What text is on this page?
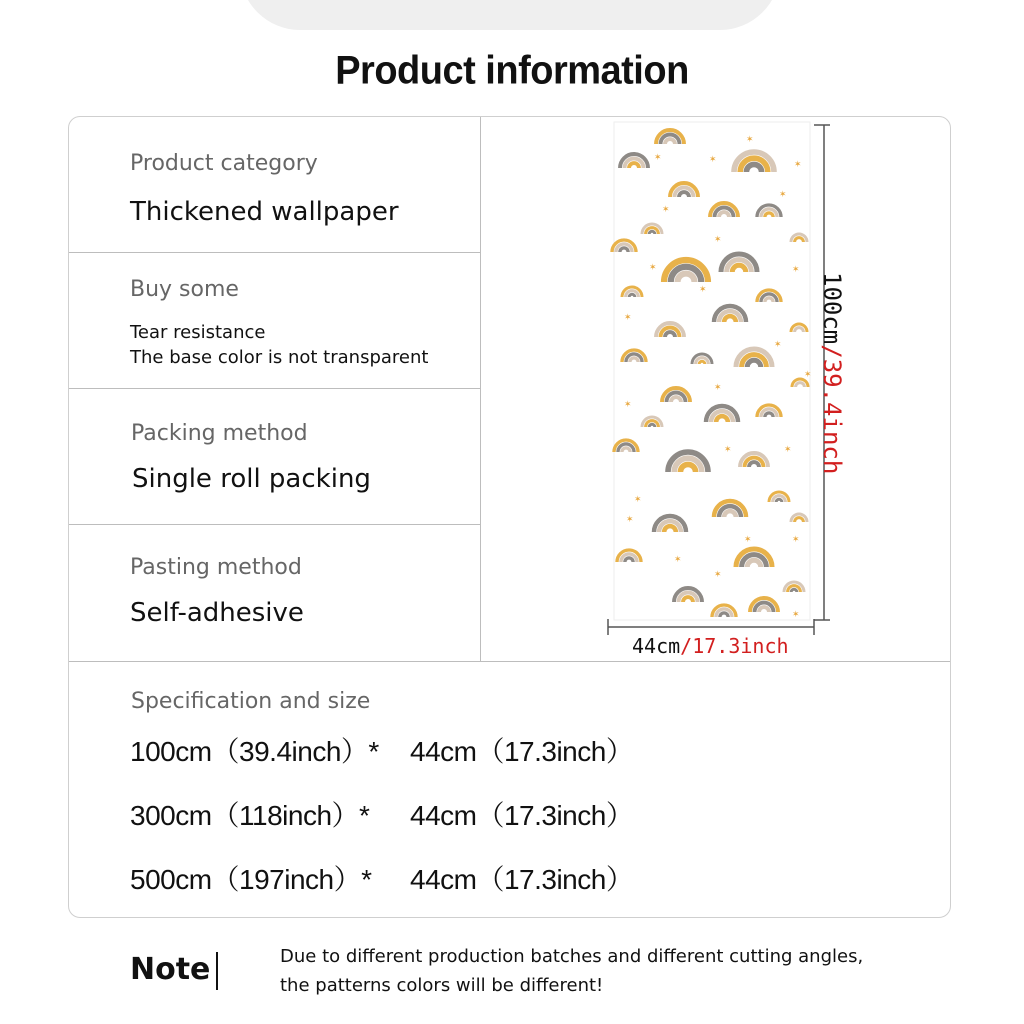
Product information
Product category
Thickened wallpaper
Buy some
Tear resistance
The base color is not transparent
Packing method
Single roll packing
Pasting method
Self-adhesive
✶	✶
✶
✶
✶
✶
✶
✶	✶
✶
✶
✶
✶
✶
✶
✶
✶
✶
✶
✶
✶
✶
✶
✶
44cm/17.3inch
100cm/39.4inch
Specification and size
100cm（39.4inch）* 44cm（17.3inch）
300cm（118inch）* 44cm（17.3inch）
500cm（197inch）* 44cm（17.3inch）
Note	Due to different production batches and different cutting angles,
the patterns colors will be different!
